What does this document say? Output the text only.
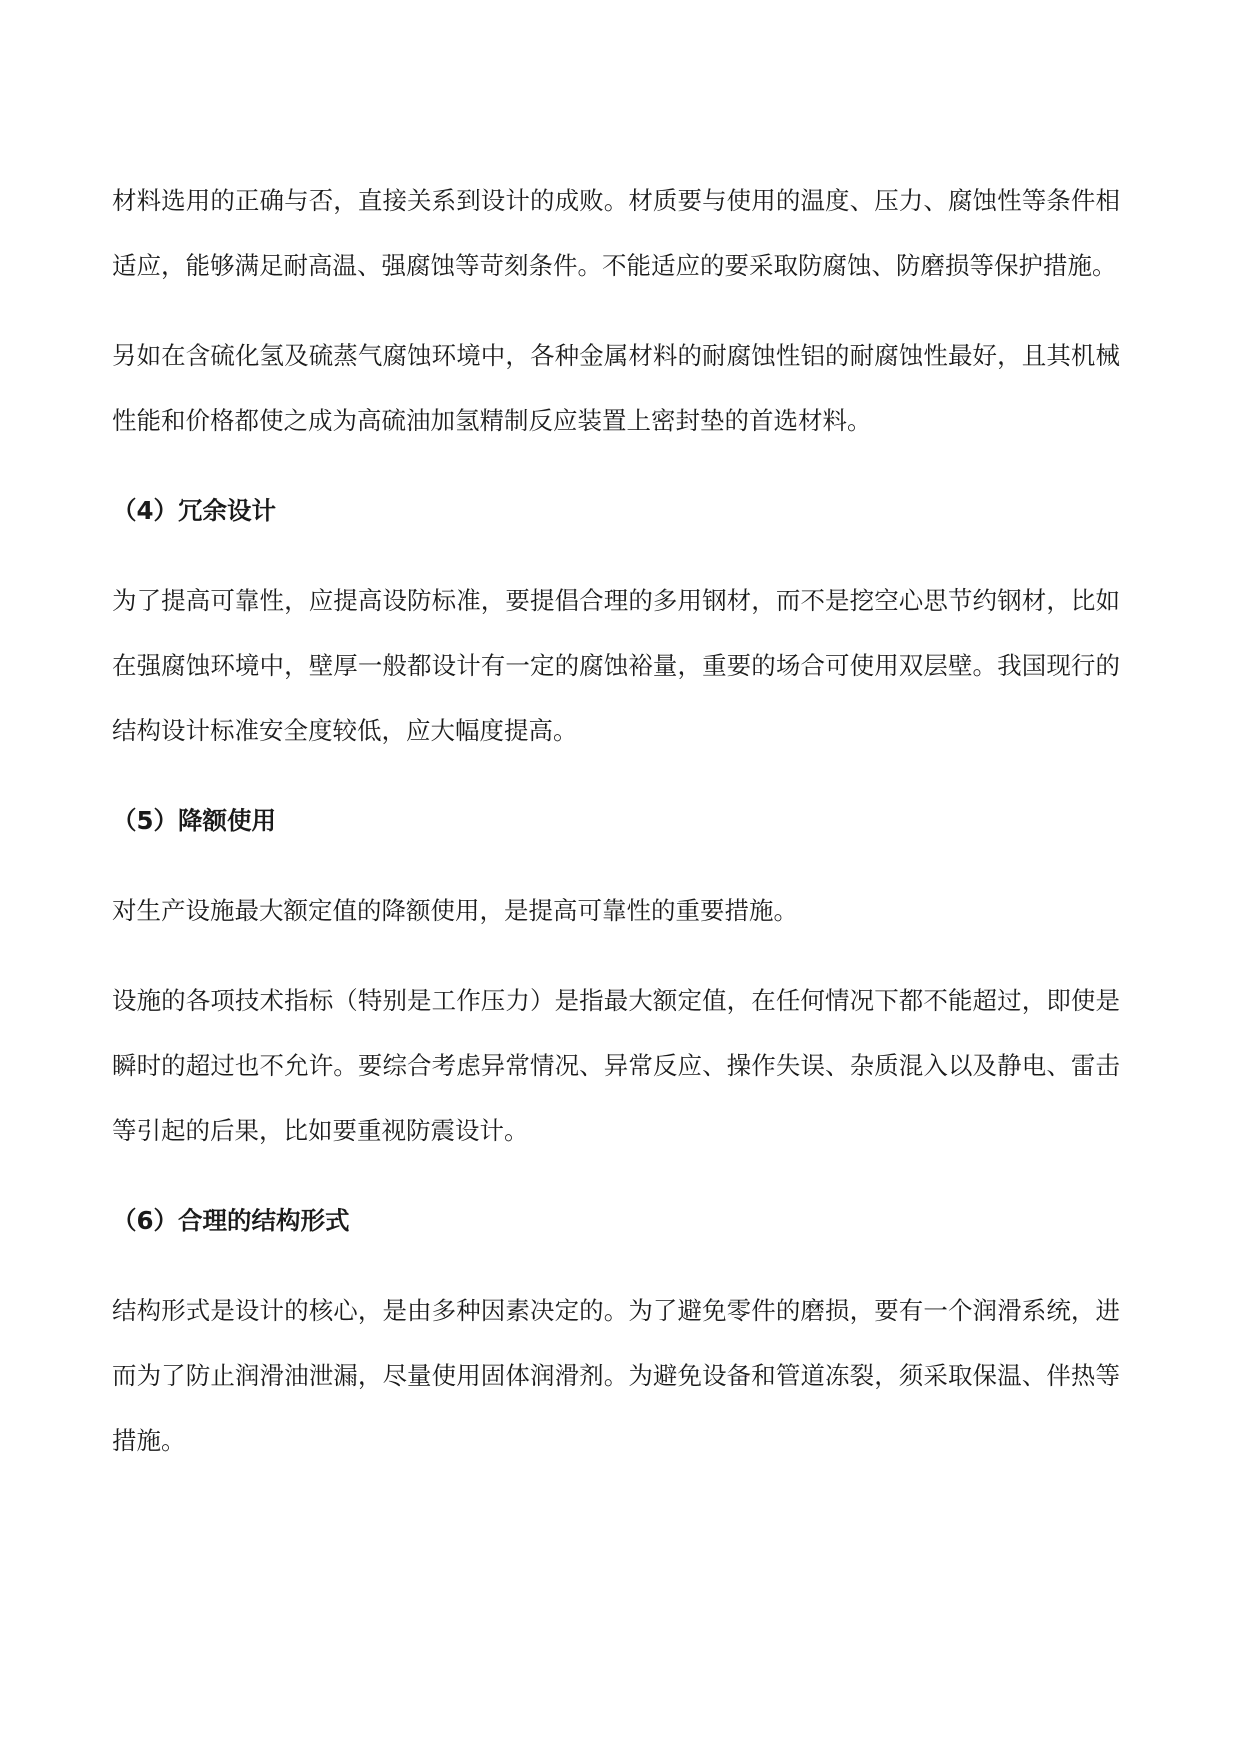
材料选用的正确与否，直接关系到设计的成败。材质要与使用的温度、压力、腐蚀性等条件相适应，能够满足耐高温、强腐蚀等苛刻条件。不能适应的要采取防腐蚀、防磨损等保护措施。

另如在含硫化氢及硫蒸气腐蚀环境中，各种金属材料的耐腐蚀性铝的耐腐蚀性最好，且其机械性能和价格都使之成为高硫油加氢精制反应装置上密封垫的首选材料。

（4）冗余设计

为了提高可靠性，应提高设防标准，要提倡合理的多用钢材，而不是挖空心思节约钢材，比如在强腐蚀环境中，壁厚一般都设计有一定的腐蚀裕量，重要的场合可使用双层壁。我国现行的结构设计标准安全度较低，应大幅度提高。

（5）降额使用

对生产设施最大额定值的降额使用，是提高可靠性的重要措施。

设施的各项技术指标（特别是工作压力）是指最大额定值，在任何情况下都不能超过，即使是瞬时的超过也不允许。要综合考虑异常情况、异常反应、操作失误、杂质混入以及静电、雷击等引起的后果，比如要重视防震设计。

（6）合理的结构形式

结构形式是设计的核心，是由多种因素决定的。为了避免零件的磨损，要有一个润滑系统，进而为了防止润滑油泄漏，尽量使用固体润滑剂。为避免设备和管道冻裂，须采取保温、伴热等措施。
